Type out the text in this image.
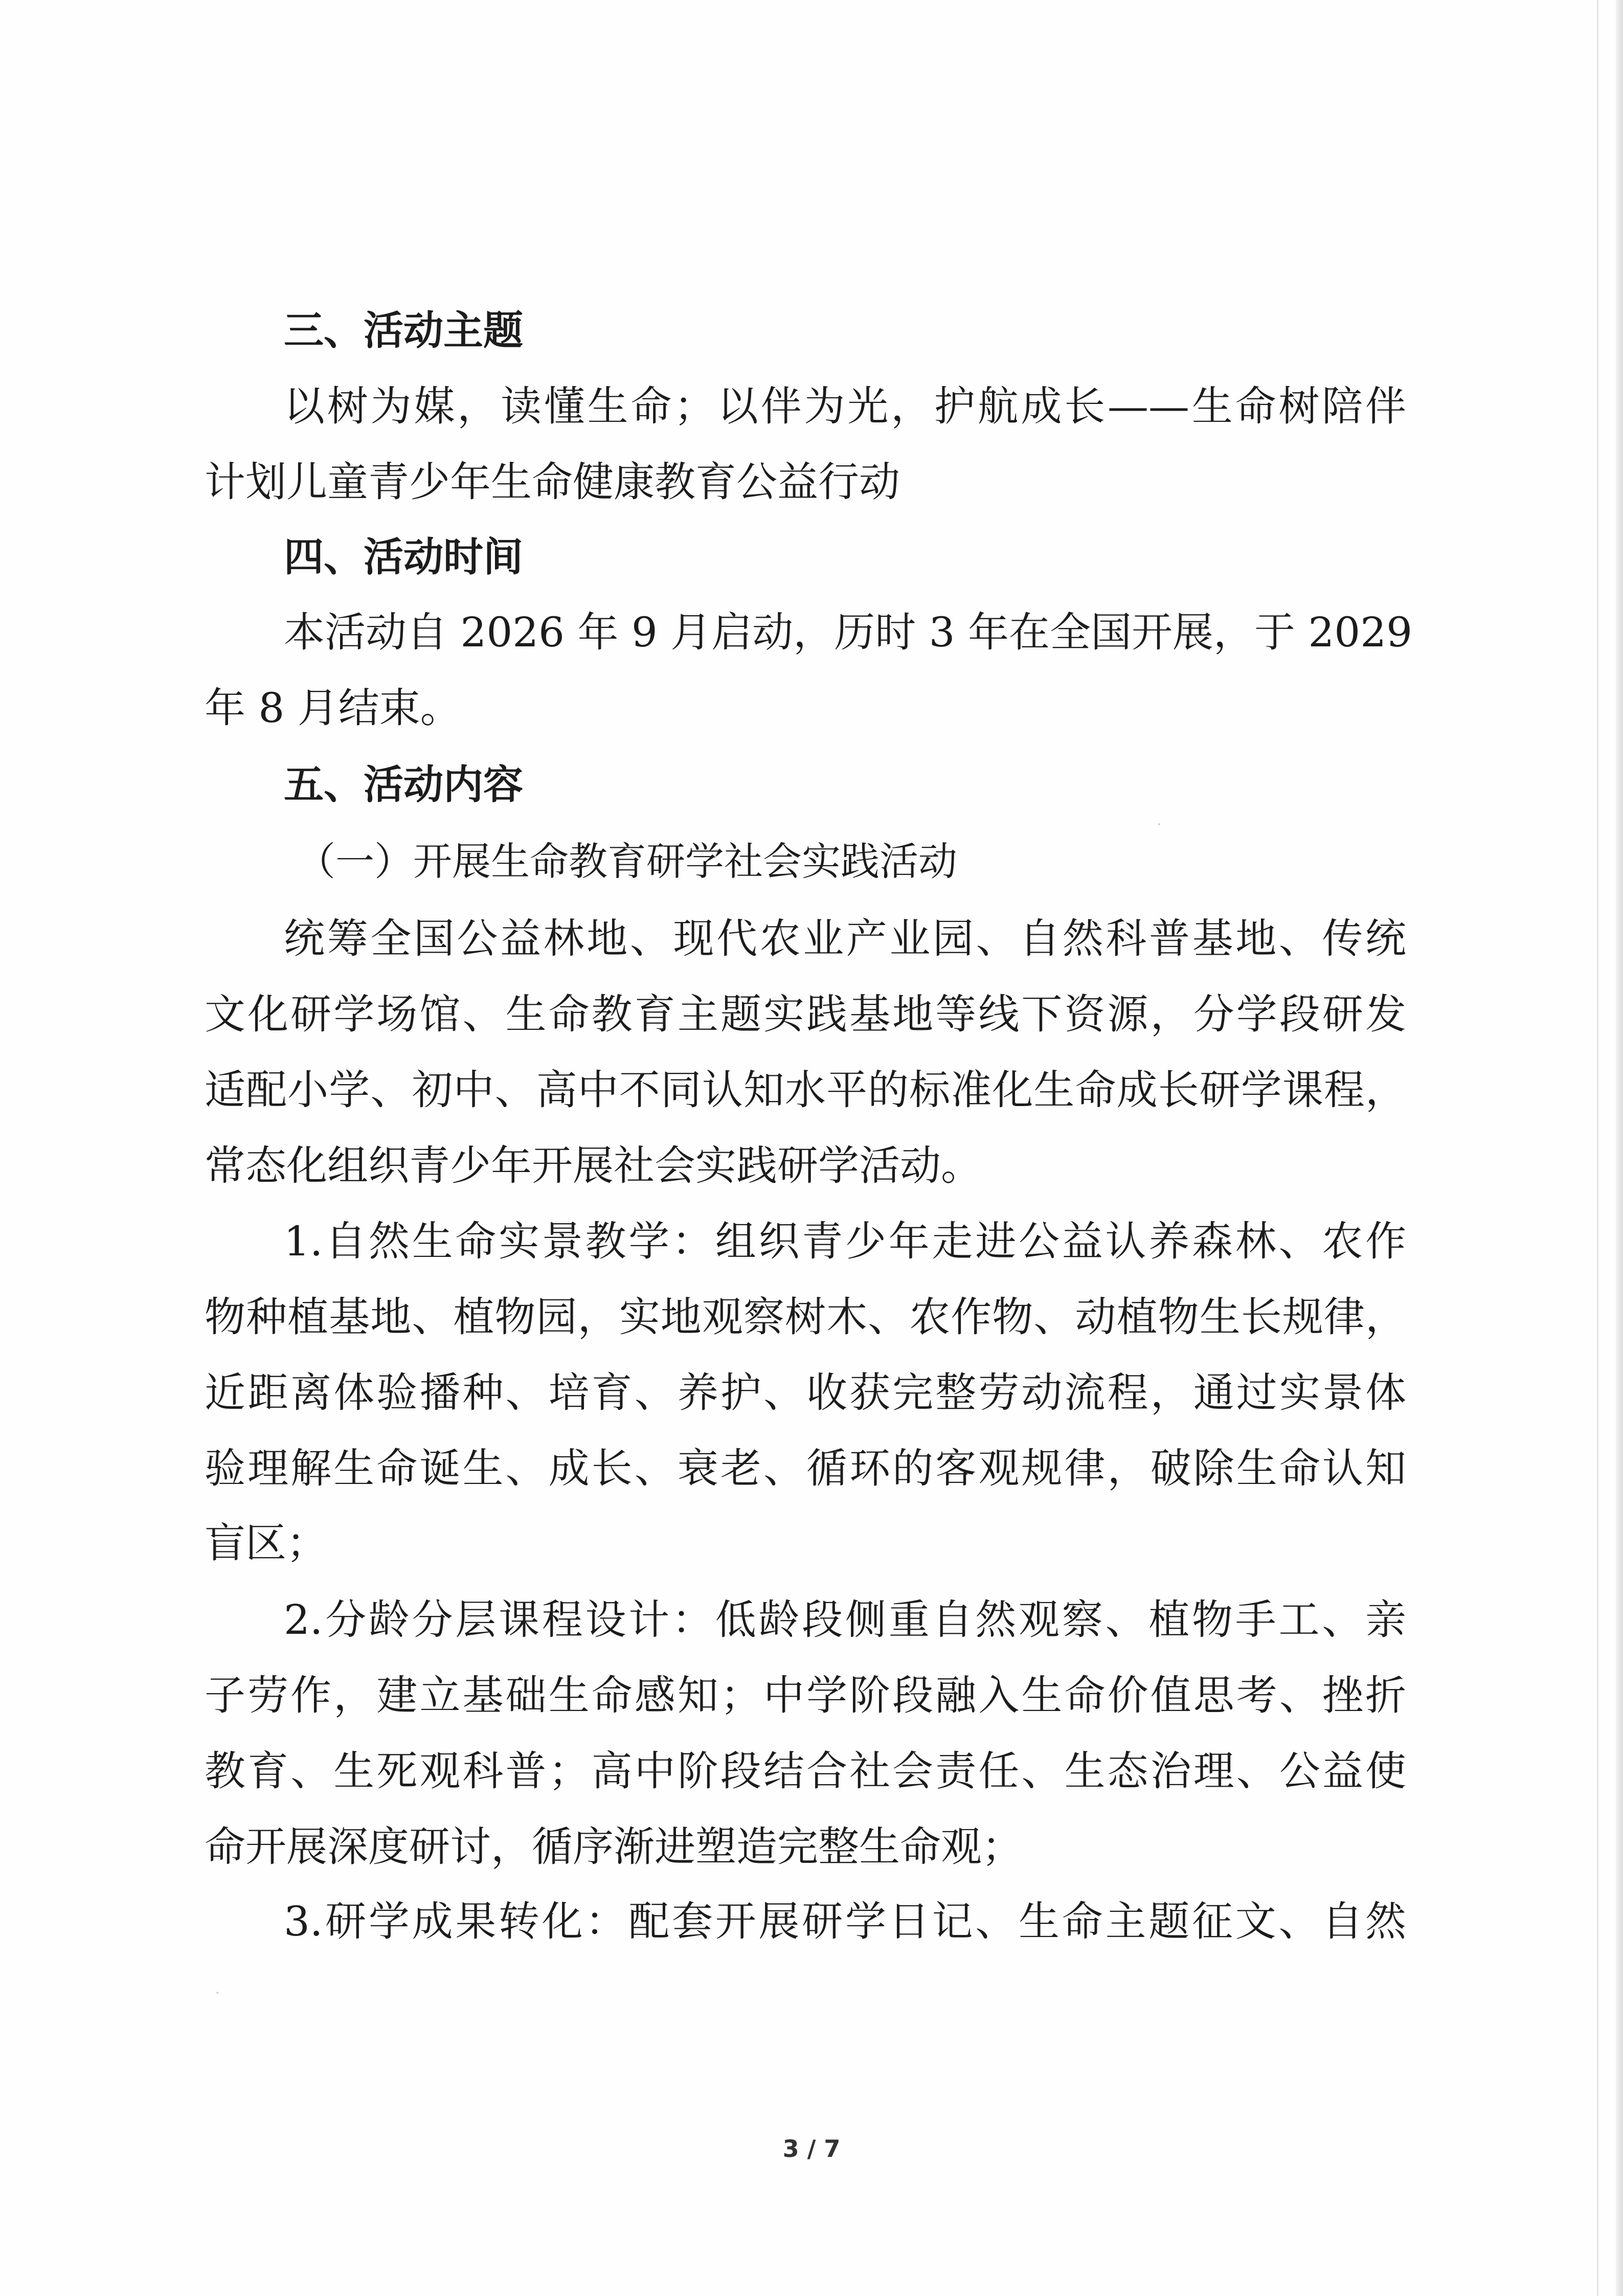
三、活动主题
以树为媒，读懂生命；以伴为光，护航成长——生命树陪伴
计划儿童青少年生命健康教育公益行动
四、活动时间
本活动自 2026 年 9 月启动，历时 3 年在全国开展，于 2029
年 8 月结束。
五、活动内容
（一）开展生命教育研学社会实践活动
统筹全国公益林地、现代农业产业园、自然科普基地、传统
文化研学场馆、生命教育主题实践基地等线下资源，分学段研发
适配小学、初中、高中不同认知水平的标准化生命成长研学课程，
常态化组织青少年开展社会实践研学活动。
1.自然生命实景教学：组织青少年走进公益认养森林、农作
物种植基地、植物园，实地观察树木、农作物、动植物生长规律，
近距离体验播种、培育、养护、收获完整劳动流程，通过实景体
验理解生命诞生、成长、衰老、循环的客观规律，破除生命认知
盲区；
2.分龄分层课程设计：低龄段侧重自然观察、植物手工、亲
子劳作，建立基础生命感知；中学阶段融入生命价值思考、挫折
教育、生死观科普；高中阶段结合社会责任、生态治理、公益使
命开展深度研讨，循序渐进塑造完整生命观；
3.研学成果转化：配套开展研学日记、生命主题征文、自然
3 / 7
